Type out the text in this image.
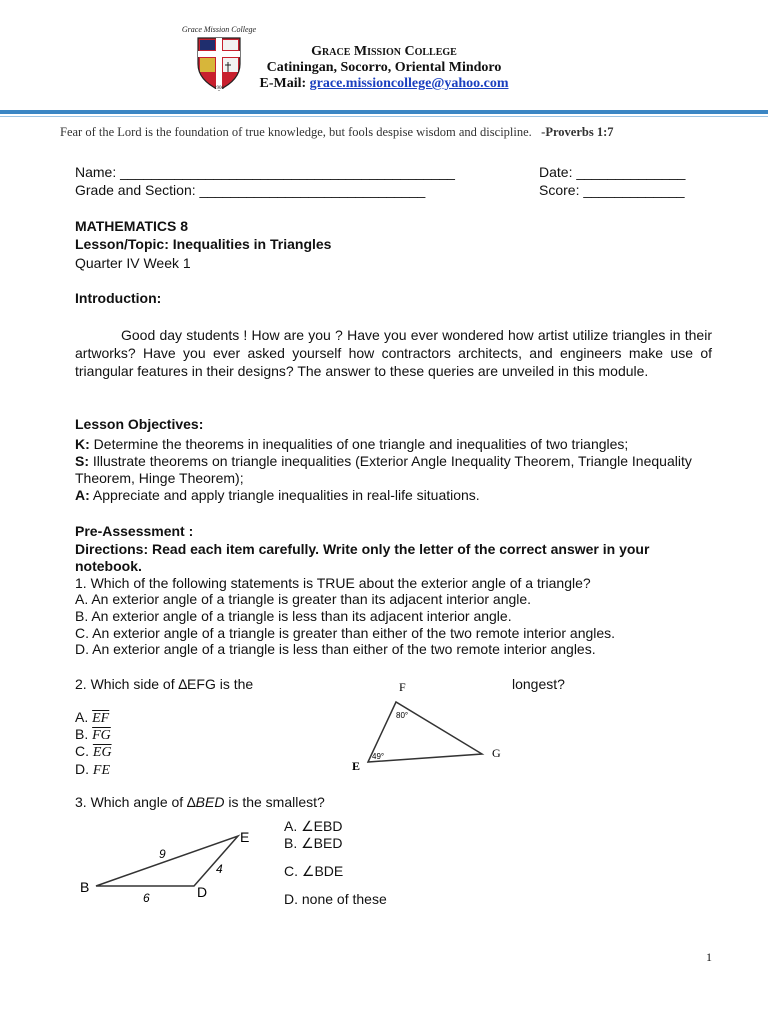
Grace Mission College
1906
Grace Mission College
Catiningan, Socorro, Oriental Mindoro
E-Mail: grace.missioncollege@yahoo.com
Fear of the Lord is the foundation of true knowledge, but fools despise wisdom and discipline. -Proverbs 1:7
Name: ___________________________________________	Date: ______________
Grade and Section: _____________________________	Score: _____________
MATHEMATICS 8
Lesson/Topic: Inequalities in Triangles
Quarter IV Week 1
Introduction:
Good day students ! How are you ? Have you ever wondered how artist utilize triangles in their artworks? Have you ever asked yourself how contractors architects, and engineers make use of triangular features in their designs? The answer to these queries are unveiled in this module.
Lesson Objectives:
K: Determine the theorems in inequalities of one triangle and inequalities of two triangles;
S: Illustrate theorems on triangle inequalities (Exterior Angle Inequality Theorem, Triangle Inequality Theorem, Hinge Theorem);
A: Appreciate and apply triangle inequalities in real-life situations.
Pre-Assessment :
Directions: Read each item carefully. Write only the letter of the correct answer in your notebook.
1. Which of the following statements is TRUE about the exterior angle of a triangle?
A. An exterior angle of a triangle is greater than its adjacent interior angle.
B. An exterior angle of a triangle is less than its adjacent interior angle.
C. An exterior angle of a triangle is greater than either of the two remote interior angles.
D. An exterior angle of a triangle is less than either of the two remote interior angles.
2. Which side of ∆EFG is the	longest?
A. $\overline{EF}$
B. $\overline{FG}$
C. $\overline{EG}$
D. FE
F
E
G
80°
49°
3. Which angle of ∆BED is the smallest?
B
E
D
9
4
6
A. ∠EBD
B. ∠BED
C. ∠BDE
D. none of these
1
